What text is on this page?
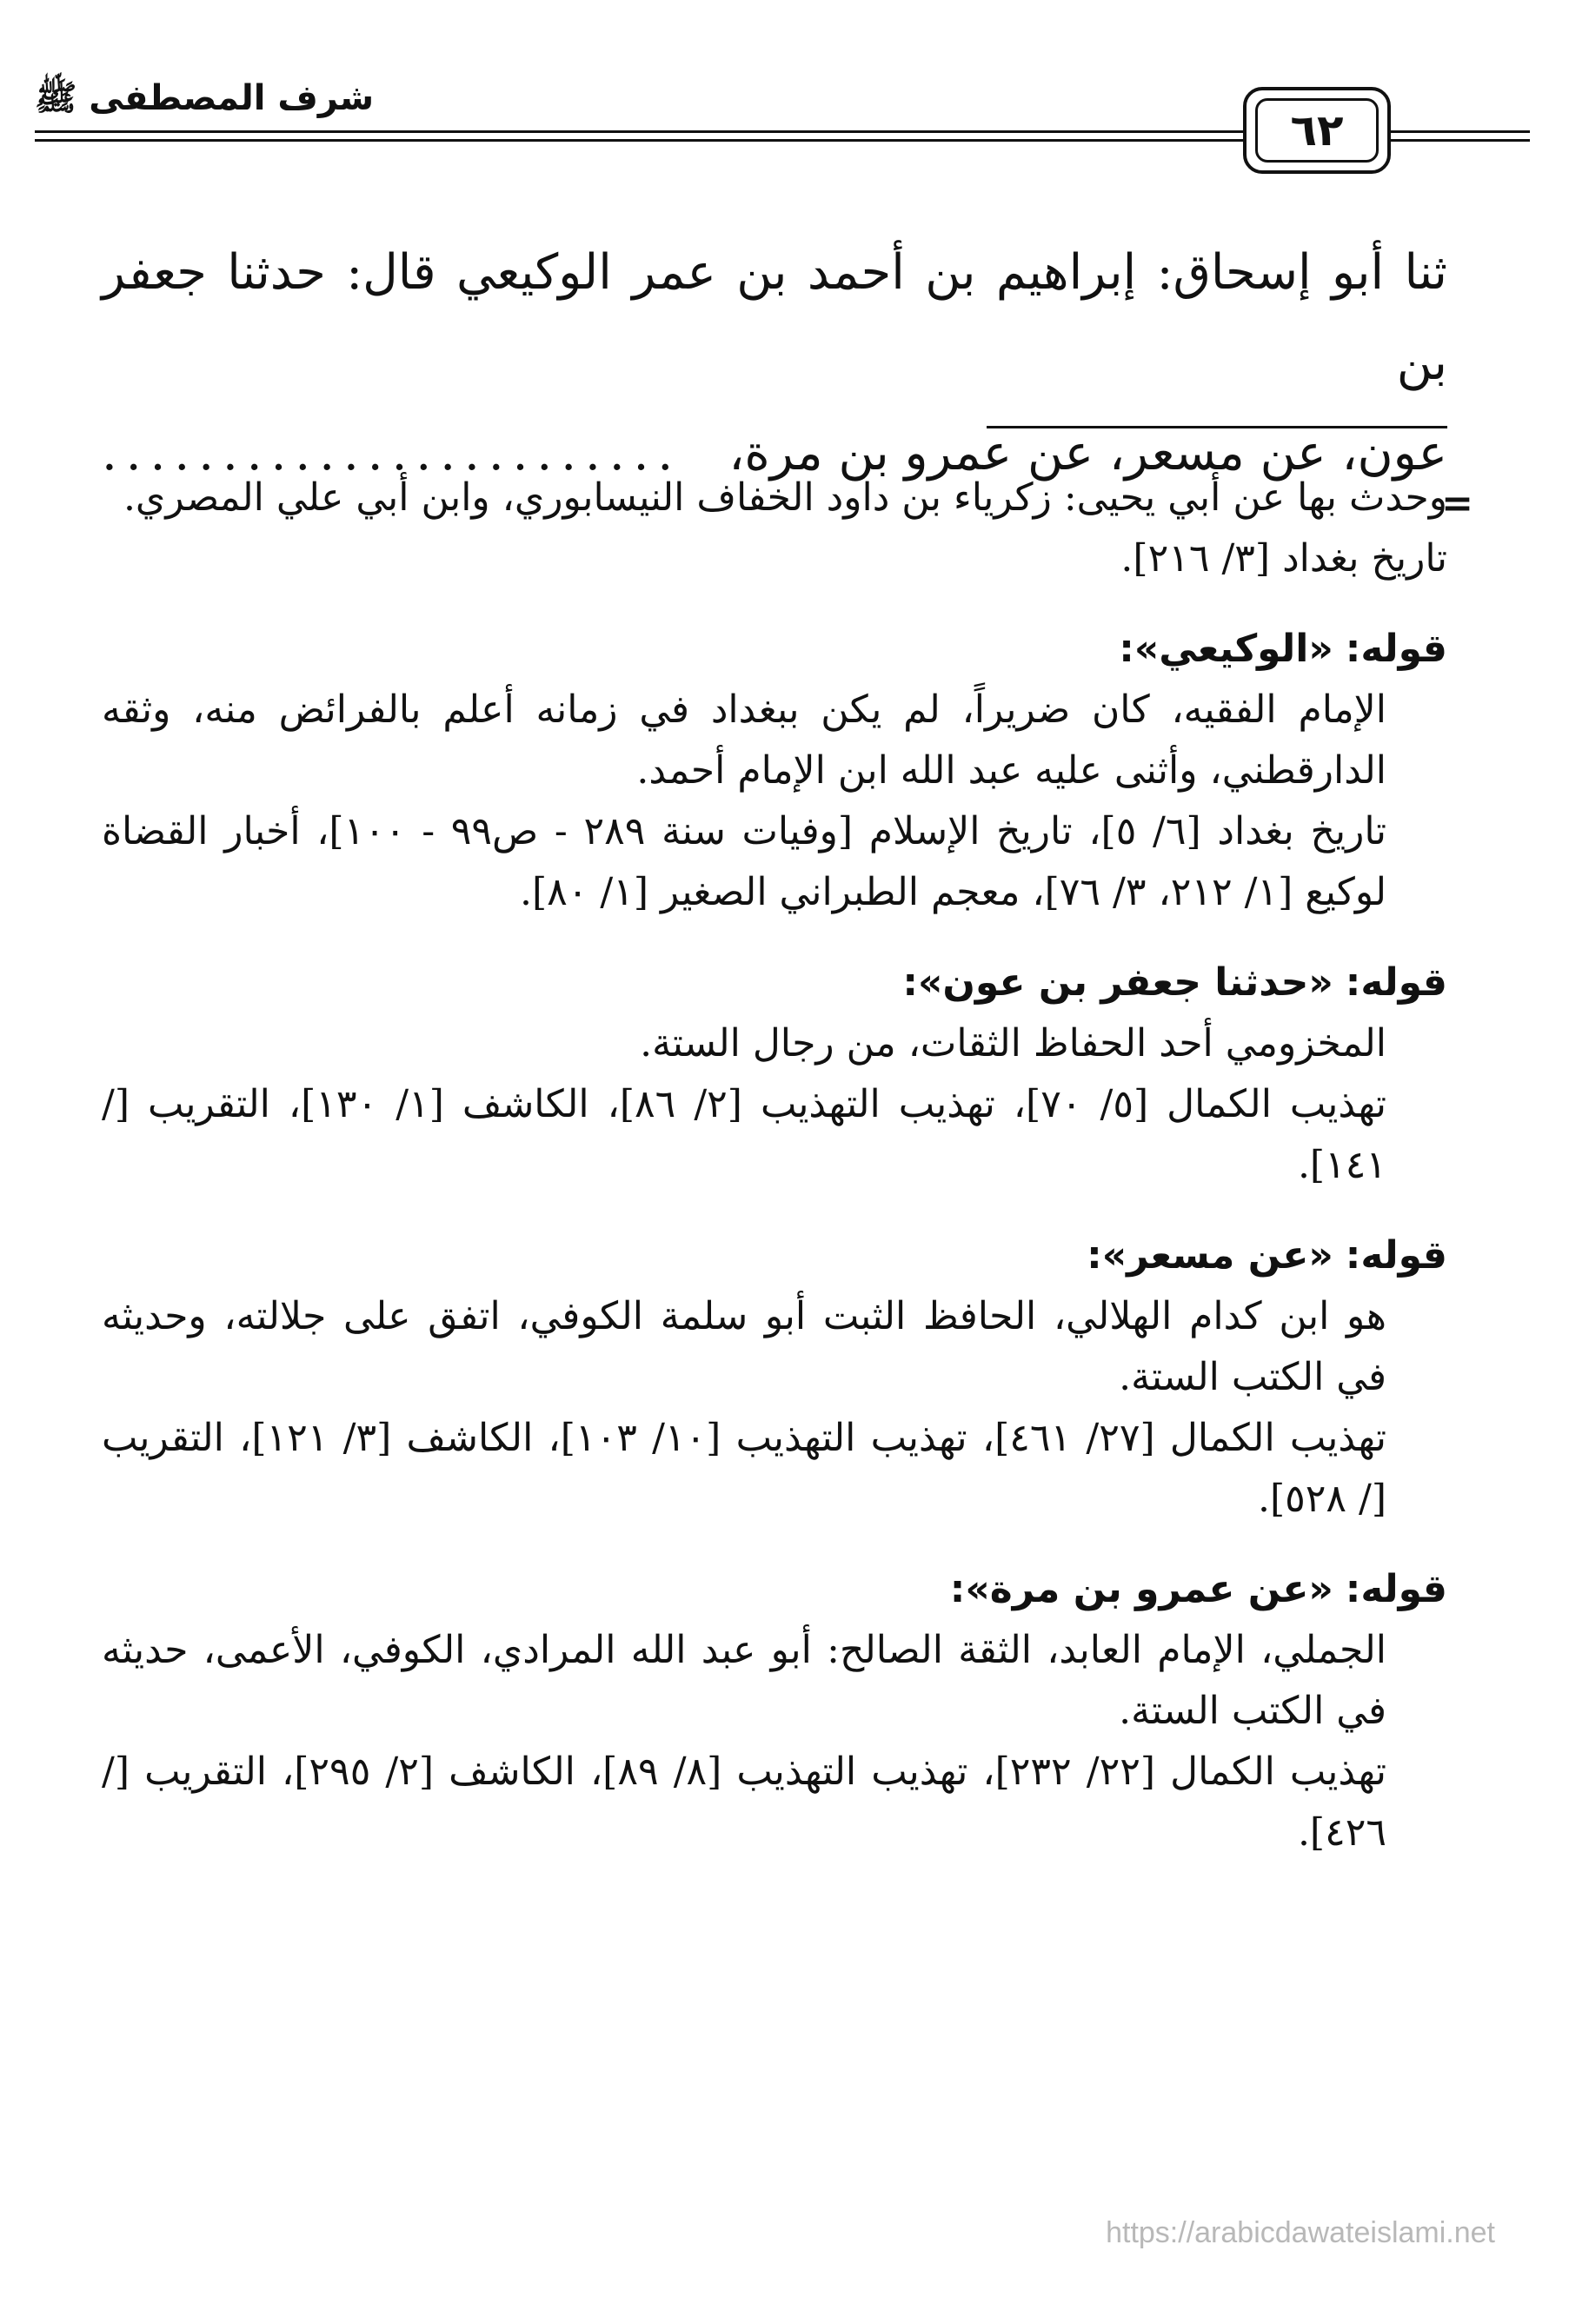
شرف المصطفى ﷺ
٦٢
ثنا أبو إسحاق: إبراهيم بن أحمد بن عمر الوكيعي قال: حدثنا جعفر بن
عون، عن مسعر، عن عمرو بن مرة،
........................
=
وحدث بها عن أبي يحيى: زكرياء بن داود الخفاف النيسابوري، وابن أبي علي المصري.
تاريخ بغداد [٣/ ٢١٦].
قوله: «الوكيعي»:
الإمام الفقيه، كان ضريراً، لم يكن ببغداد في زمانه أعلم بالفرائض منه، وثقه الدارقطني، وأثنى عليه عبد الله ابن الإمام أحمد.
تاريخ بغداد [٦/ ٥]، تاريخ الإسلام [وفيات سنة ٢٨٩ - ص٩٩ - ١٠٠]، أخبار القضاة لوكيع [١/ ٢١٢، ٣/ ٧٦]، معجم الطبراني الصغير [١/ ٨٠].
قوله: «حدثنا جعفر بن عون»:
المخزومي أحد الحفاظ الثقات، من رجال الستة.
تهذيب الكمال [٥/ ٧٠]، تهذيب التهذيب [٢/ ٨٦]، الكاشف [١/ ١٣٠]، التقريب [/ ١٤١].
قوله: «عن مسعر»:
هو ابن كدام الهلالي، الحافظ الثبت أبو سلمة الكوفي، اتفق على جلالته، وحديثه في الكتب الستة.
تهذيب الكمال [٢٧/ ٤٦١]، تهذيب التهذيب [١٠/ ١٠٣]، الكاشف [٣/ ١٢١]، التقريب [/ ٥٢٨].
قوله: «عن عمرو بن مرة»:
الجملي، الإمام العابد، الثقة الصالح: أبو عبد الله المرادي، الكوفي، الأعمى، حديثه في الكتب الستة.
تهذيب الكمال [٢٢/ ٢٣٢]، تهذيب التهذيب [٨/ ٨٩]، الكاشف [٢/ ٢٩٥]، التقريب [/ ٤٢٦].
https://arabicdawateislami.net
